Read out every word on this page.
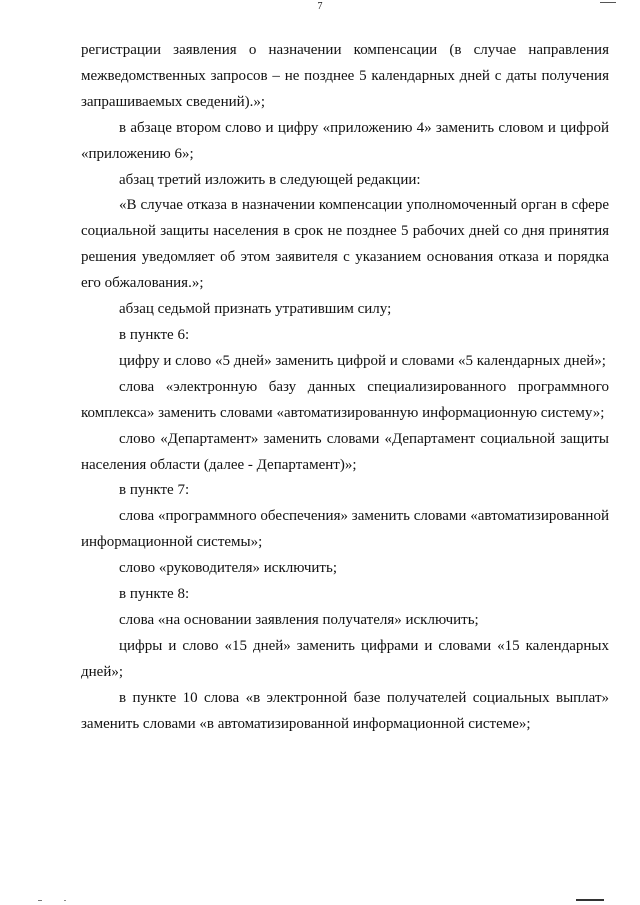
7

регистрации заявления о назначении компенсации (в случае направления межведомственных запросов – не позднее 5 календарных дней с даты получения запрашиваемых сведений).»;

в абзаце втором слово и цифру «приложению 4» заменить словом и цифрой «приложению 6»;

абзац третий изложить в следующей редакции:

«В случае отказа в назначении компенсации уполномоченный орган в сфере социальной защиты населения в срок не позднее 5 рабочих дней со дня принятия решения уведомляет об этом заявителя с указанием основания отказа и порядка его обжалования.»;

абзац седьмой признать утратившим силу;

в пункте 6:

цифру и слово «5 дней» заменить цифрой и словами «5 календарных дней»;

слова «электронную базу данных специализированного программного комплекса» заменить словами «автоматизированную информационную систему»;

слово «Департамент» заменить словами «Департамент социальной защиты населения области (далее - Департамент)»;

в пункте 7:

слова «программного обеспечения» заменить словами «автоматизированной информационной системы»;

слово «руководителя» исключить;

в пункте 8:

слова «на основании заявления получателя» исключить;

цифры и слово «15 дней» заменить цифрами и словами «15 календарных дней»;

в пункте 10 слова «в электронной базе получателей социальных выплат» заменить словами «в автоматизированной информационной системе»;
